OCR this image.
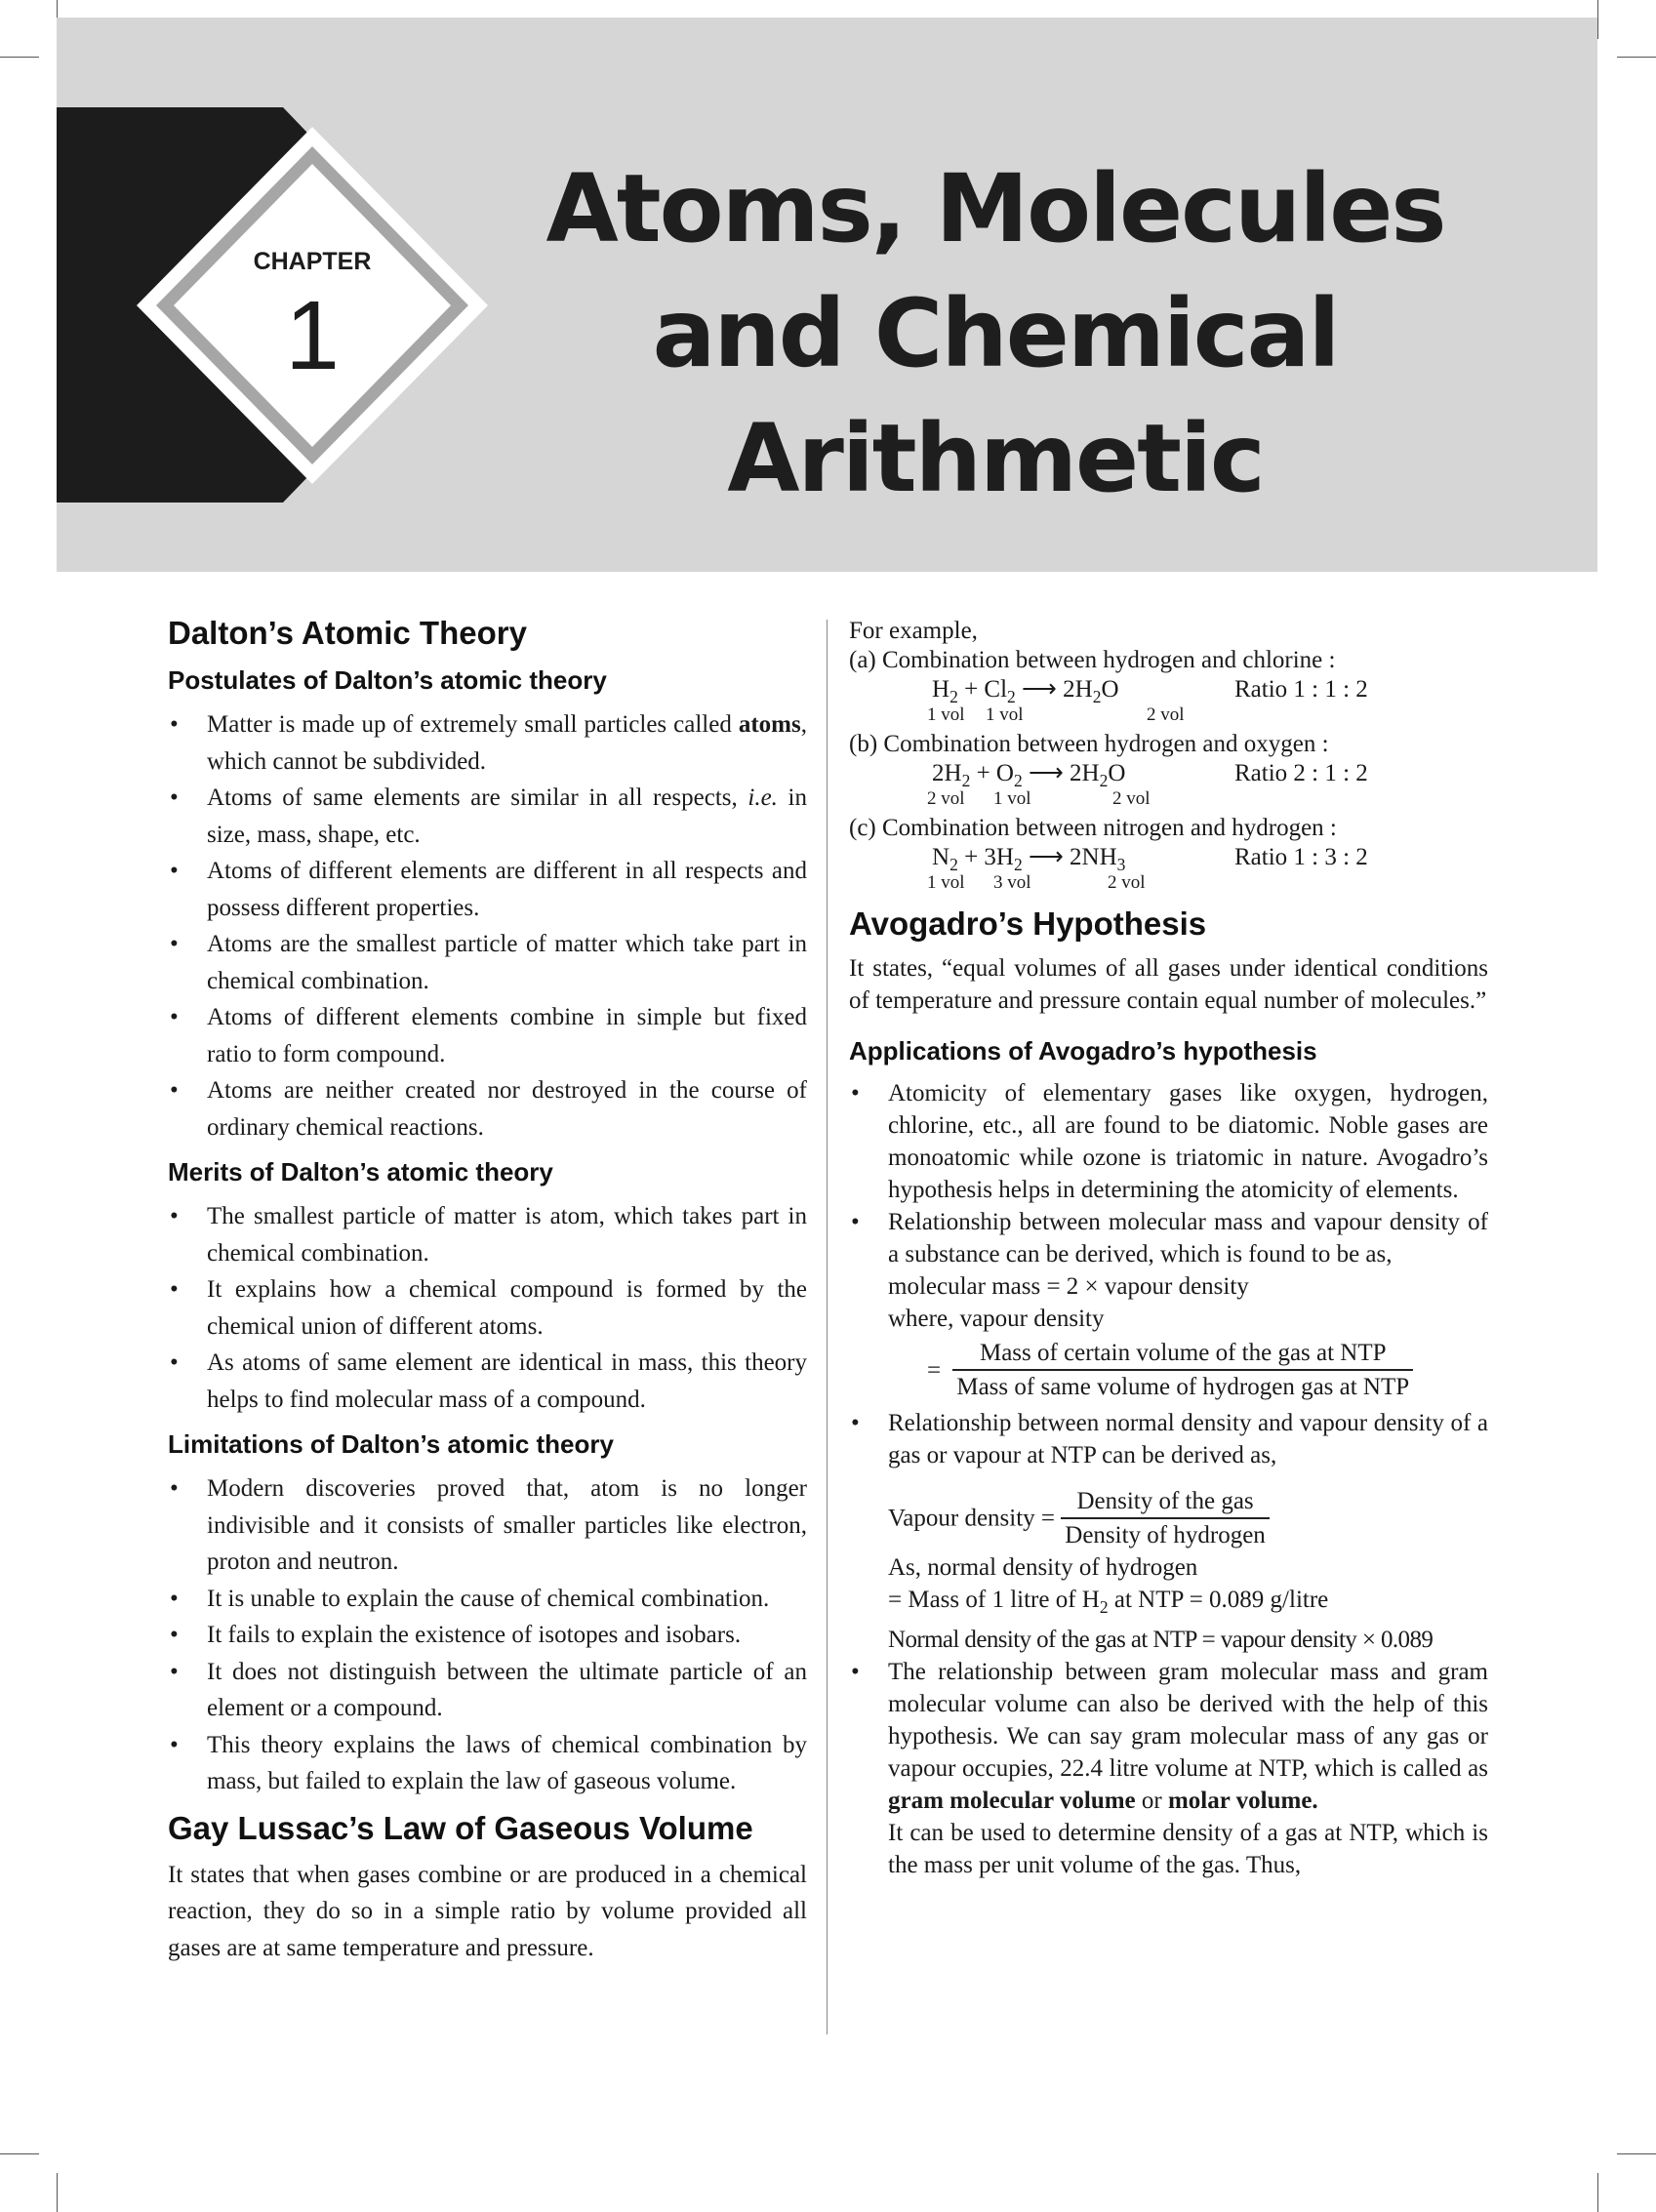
CHAPTER
1
Atoms, Molecules
and Chemical
Arithmetic
Dalton’s Atomic Theory
Postulates of Dalton’s atomic theory
• Matter is made up of extremely small particles called atoms, which cannot be subdivided.
• Atoms of same elements are similar in all respects, i.e. in size, mass, shape, etc.
• Atoms of different elements are different in all respects and possess different properties.
• Atoms are the smallest particle of matter which take part in chemical combination.
• Atoms of different elements combine in simple but fixed ratio to form compound.
• Atoms are neither created nor destroyed in the course of ordinary chemical reactions.
Merits of Dalton’s atomic theory
• The smallest particle of matter is atom, which takes part in chemical combination.
• It explains how a chemical compound is formed by the chemical union of different atoms.
• As atoms of same element are identical in mass, this theory helps to find molecular mass of a compound.
Limitations of Dalton’s atomic theory
• Modern discoveries proved that, atom is no longer indivisible and it consists of smaller particles like electron, proton and neutron.
• It is unable to explain the cause of chemical combination.
• It fails to explain the existence of isotopes and isobars.
• It does not distinguish between the ultimate particle of an element or a compound.
• This theory explains the laws of chemical combination by mass, but failed to explain the law of gaseous volume.
Gay Lussac’s Law of Gaseous Volume

It states that when gases combine or are produced in a chemical reaction, they do so in a simple ratio by volume provided all gases are at same temperature and pressure.

For example,

(a) Combination between hydrogen and chlorine :

$H_2 + Cl_2$ ⟶ $2H_2O$	Ratio 1 : 1 : 2
1 vol 1 vol	2 vol

(b) Combination between hydrogen and oxygen :

$2H_2 + O_2$ ⟶ $2H_2O$	Ratio 2 : 1 : 2
2 vol 1 vol	2 vol

(c) Combination between nitrogen and hydrogen :

$N_2 + 3H_2$ ⟶ $2NH_3$	Ratio 1 : 3 : 2
1 vol 3 vol	2 vol
Avogadro’s Hypothesis

It states, “equal volumes of all gases under identical conditions of temperature and pressure contain equal number of molecules.”

Applications of Avogadro’s hypothesis
• Atomicity of elementary gases like oxygen, hydrogen, chlorine, etc., all are found to be diatomic. Noble gases are monoatomic while ozone is triatomic in nature. Avogadro’s hypothesis helps in determining the atomicity of elements.
• Relationship between molecular mass and vapour density of a substance can be derived, which is found to be as,
molecular mass = 2 × vapour density
where, vapour density

= $\frac{\text{Mass of certain volume of the gas at NTP}}{\text{Mass of same volume of hydrogen gas at NTP}}$
• Relationship between normal density and vapour density of a gas or vapour at NTP can be derived as,
Vapour density = $\frac{\text{Density of the gas}}{\text{Density of hydrogen}}$
As, normal density of hydrogen
= Mass of 1 litre of $H_2$ at NTP = 0.089 g/litre
Normal density of the gas at NTP = vapour density × 0.089
• The relationship between gram molecular mass and gram molecular volume can also be derived with the help of this hypothesis. We can say gram molecular mass of any gas or vapour occupies, 22.4 litre volume at NTP, which is called as gram molecular volume or molar volume.
It can be used to determine density of a gas at NTP, which is the mass per unit volume of the gas. Thus,
